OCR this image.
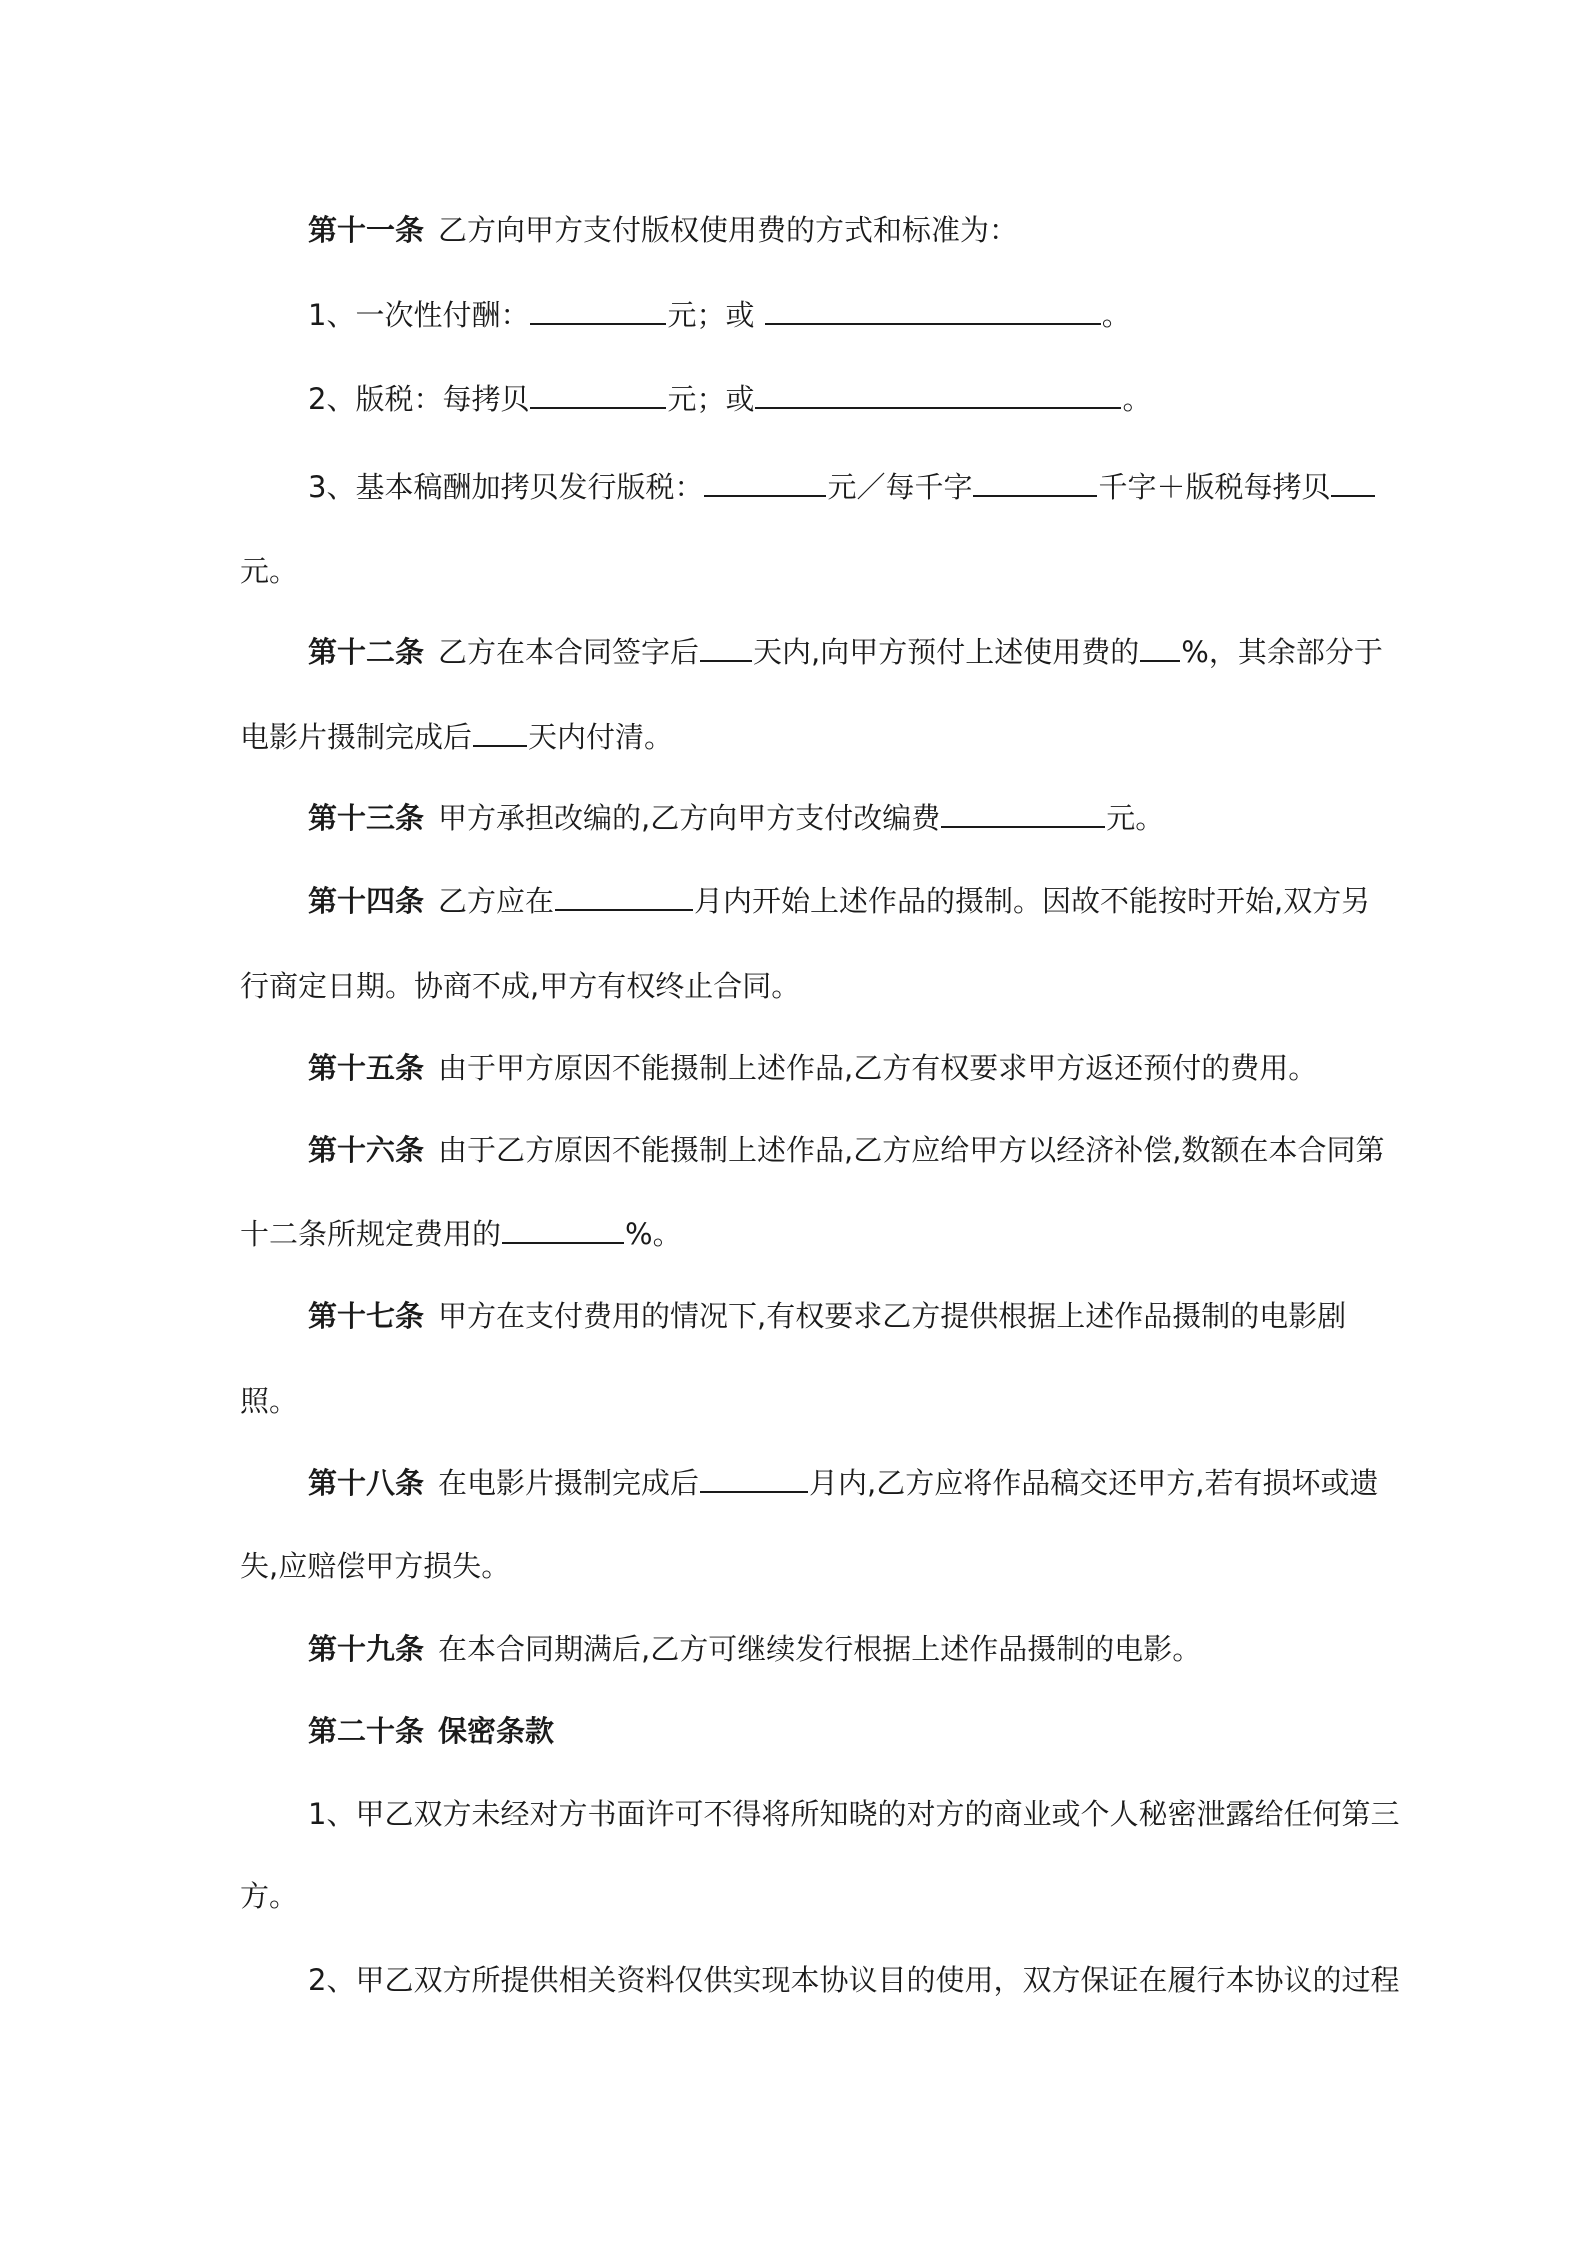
第十一条 乙方向甲方支付版权使用费的方式和标准为：
1、一次性付酬：	元；或	。
2、版税：每拷贝	元；或	。
3、基本稿酬加拷贝发行版税：	元／每千字	千字＋版税每拷贝
元。
第十二条 乙方在本合同签字后 天内,向甲方预付上述使用费的 %，其余部分于
电影片摄制完成后 天内付清。
第十三条 甲方承担改编的,乙方向甲方支付改编费	元。
第十四条 乙方应在	月内开始上述作品的摄制。因故不能按时开始,双方另
行商定日期。协商不成,甲方有权终止合同。
第十五条 由于甲方原因不能摄制上述作品,乙方有权要求甲方返还预付的费用。
第十六条 由于乙方原因不能摄制上述作品,乙方应给甲方以经济补偿,数额在本合同第
十二条所规定费用的	%。
第十七条 甲方在支付费用的情况下,有权要求乙方提供根据上述作品摄制的电影剧
照。
第十八条 在电影片摄制完成后	月内,乙方应将作品稿交还甲方,若有损坏或遗
失,应赔偿甲方损失。
第十九条 在本合同期满后,乙方可继续发行根据上述作品摄制的电影。
第二十条 保密条款
1、甲乙双方未经对方书面许可不得将所知晓的对方的商业或个人秘密泄露给任何第三
方。
2、甲乙双方所提供相关资料仅供实现本协议目的使用，双方保证在履行本协议的过程
